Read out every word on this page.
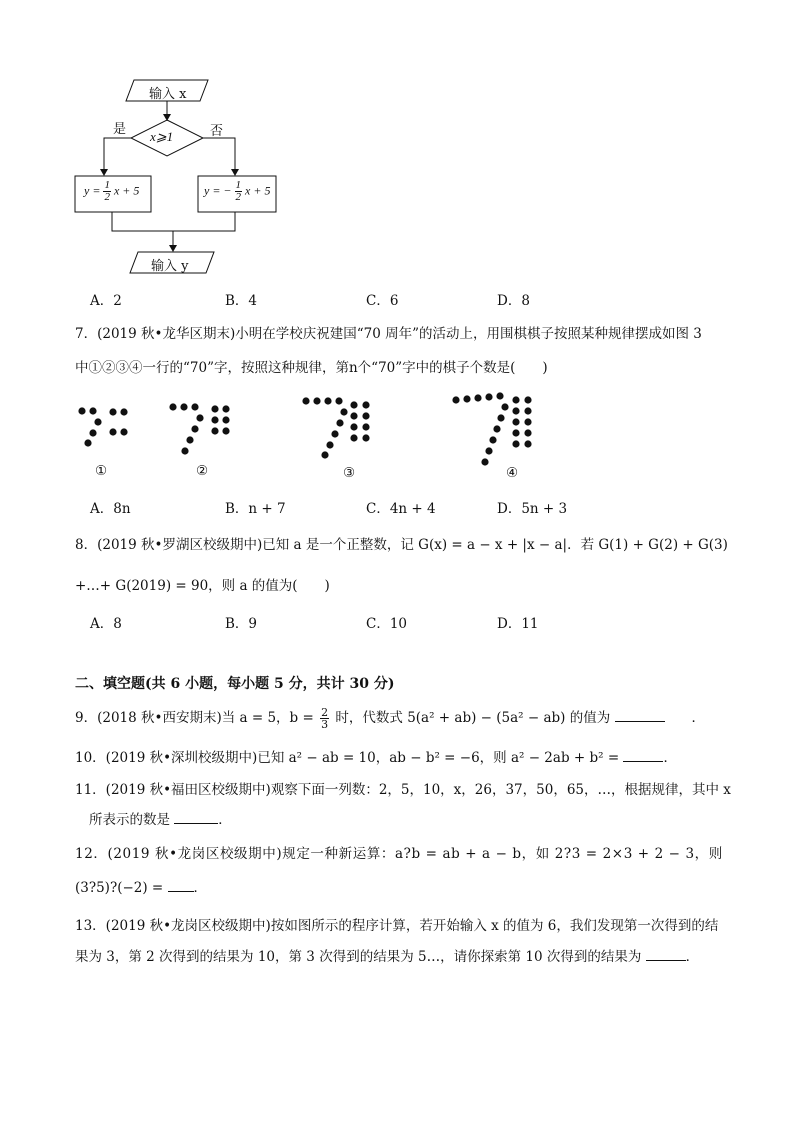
输入 x
x⩾1
是	否
$y = \frac{1}{2}$ x + 5	y = − $\frac{1}{2}$ x + 5
输入 y
A．2	B．4	C．6	D．8
7．(2019 秋•龙华区期末)小明在学校庆祝建国“70 周年”的活动上，用围棋棋子按照某种规律摆成如图 3
中①②③④一行的“70”字，按照这种规律，第n个“70”字中的棋子个数是(　　)
①	②	③	④
A．8n	B．n + 7	C．4n + 4	D．5n + 3
8．(2019 秋•罗湖区校级期中)已知 a 是一个正整数，记 G(x) = a − x + |x − a|．若 G(1) + G(2) + G(3)
+…+ G(2019) = 90，则 a 的值为(　　)
A．8	B．9	C．10	D．11
二、填空题(共 6 小题，每小题 5 分，共计 30 分)
9．(2018 秋•西安期末)当 a = 5，$b = \frac{2}{3}$ 时，代数式 5(a² + ab) − (5a² − ab) 的值为	　　．
10．(2019 秋•深圳校级期中)已知 a² − ab = 10，ab − b² = −6，则 a² − 2ab + b² =	．
11．(2019 秋•福田区校级期中)观察下面一列数：2，5，10，x，26，37，50，65，…，根据规律，其中 x
所表示的数是	．
12．(2019 秋•龙岗区校级期中)规定一种新运算：a?b = ab + a − b，如 2?3 = 2×3 + 2 − 3，则
(3?5)?(−2) = ．
13．(2019 秋•龙岗区校级期中)按如图所示的程序计算，若开始输入 x 的值为 6，我们发现第一次得到的结
果为 3，第 2 次得到的结果为 10，第 3 次得到的结果为 5…，请你探索第 10 次得到的结果为	．
